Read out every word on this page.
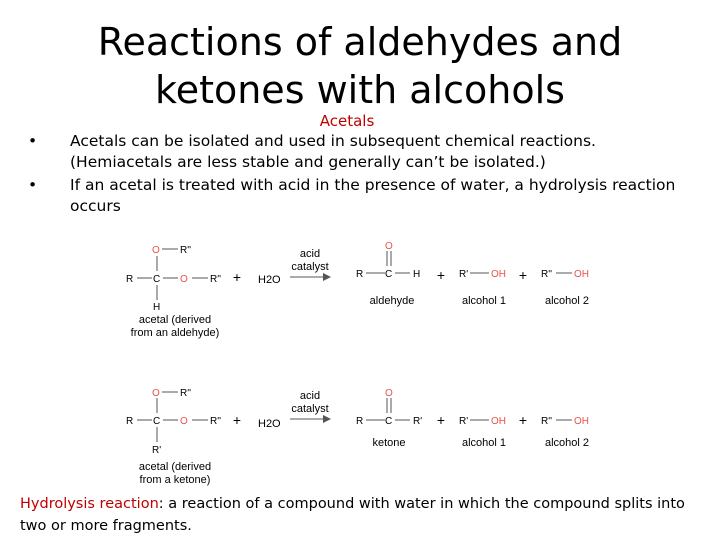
Reactions of aldehydes and
ketones with alcohols
Acetals
• Acetals can be isolated and used in subsequent chemical reactions. (Hemiacetals are less stable and generally can’t be isolated.)
• If an acetal is treated with acid in the presence of water, a hydrolysis reaction occurs
R C O R''
O R''
H
acetal (derived
from an aldehyde)
+ H2O
acid
catalyst
R C H
O
aldehyde
+ R' OH
alcohol 1
+ R'' OH
alcohol 2
R C O R''
O R''
R'
acetal (derived
from a ketone)
+ H2O
acid
catalyst
R C R'
O
ketone
+ R' OH
alcohol 1
+ R'' OH
alcohol 2
Hydrolysis reaction: a reaction of a compound with water in which the compound splits into two or more fragments.
